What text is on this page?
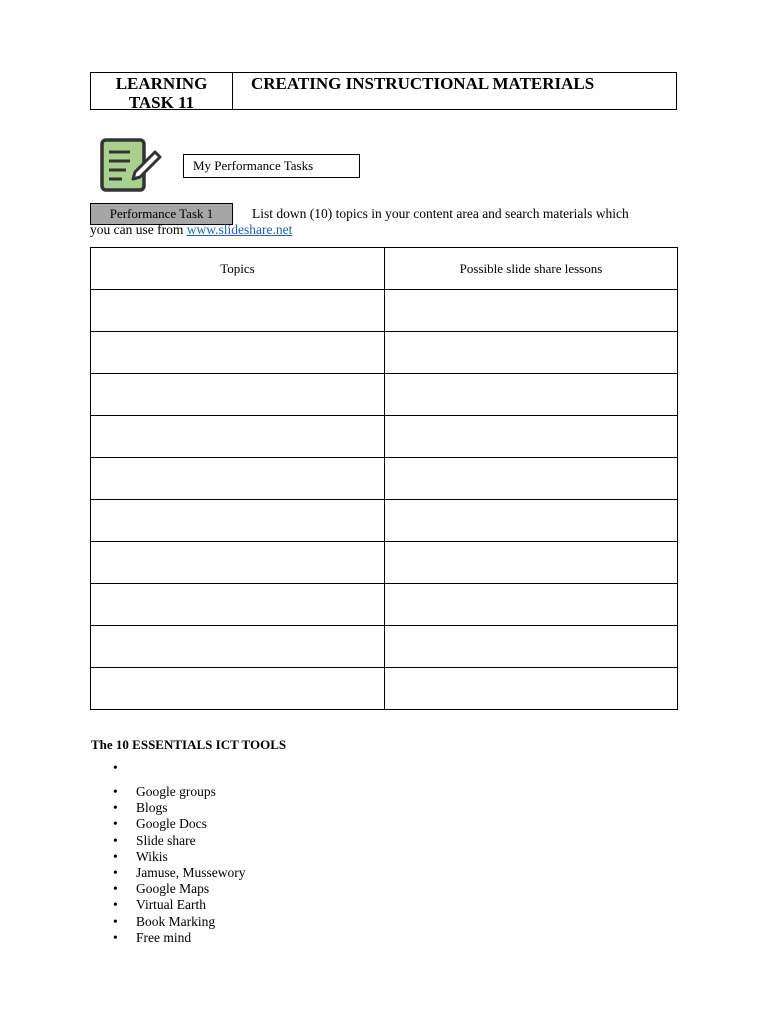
LEARNING
TASK 11
CREATING INSTRUCTIONAL MATERIALS
My Performance Tasks
Performance Task 1	List down (10) topics in your content area and search materials which
you can use from www.slideshare.net
Topics	Possible slide share lessons

The 10 ESSENTIALS ICT TOOLS
•
• Google groups
• Blogs
• Google Docs
• Slide share
• Wikis
• Jamuse, Mussewory
• Google Maps
• Virtual Earth
• Book Marking
• Free mind
